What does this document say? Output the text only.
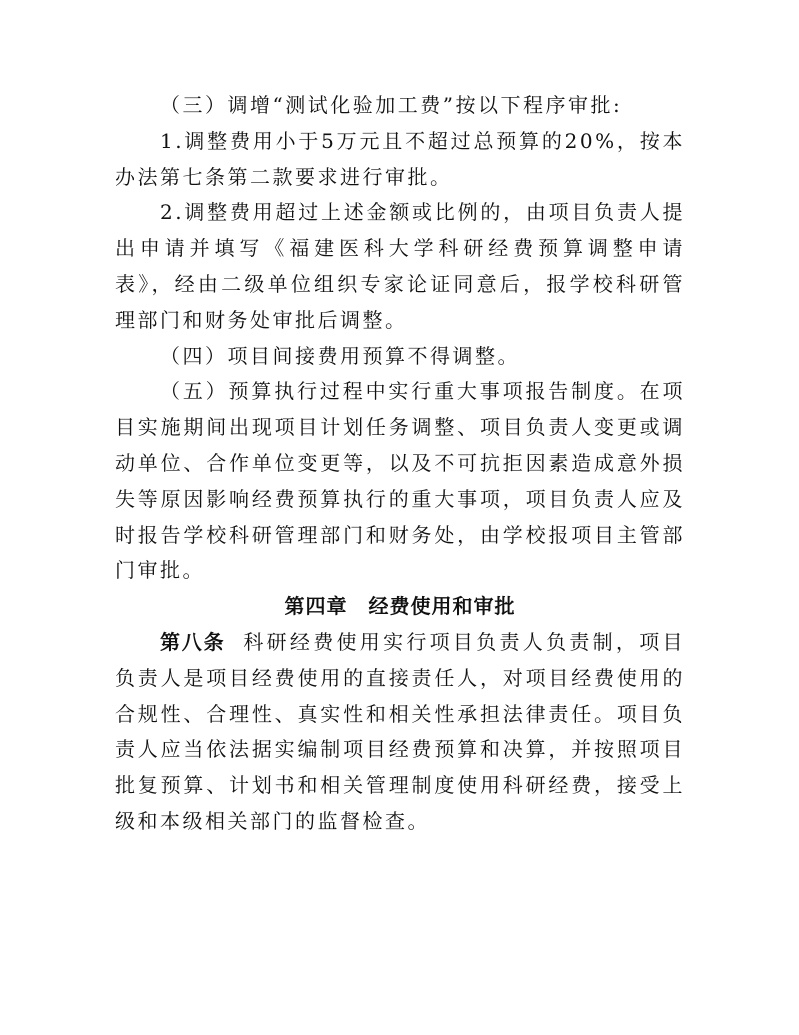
（三）调增“测试化验加工费”按以下程序审批:

1.调整费用小于5万元且不超过总预算的20%，按本办法第七条第二款要求进行审批。

2.调整费用超过上述金额或比例的，由项目负责人提出申请并填写《福建医科大学科研经费预算调整申请表》，经由二级单位组织专家论证同意后，报学校科研管理部门和财务处审批后调整。

（四）项目间接费用预算不得调整。

（五）预算执行过程中实行重大事项报告制度。在项目实施期间出现项目计划任务调整、项目负责人变更或调动单位、合作单位变更等，以及不可抗拒因素造成意外损失等原因影响经费预算执行的重大事项，项目负责人应及时报告学校科研管理部门和财务处，由学校报项目主管部门审批。

第四章　经费使用和审批

第八条 科研经费使用实行项目负责人负责制，项目负责人是项目经费使用的直接责任人，对项目经费使用的合规性、合理性、真实性和相关性承担法律责任。项目负责人应当依法据实编制项目经费预算和决算，并按照项目批复预算、计划书和相关管理制度使用科研经费，接受上级和本级相关部门的监督检查。
